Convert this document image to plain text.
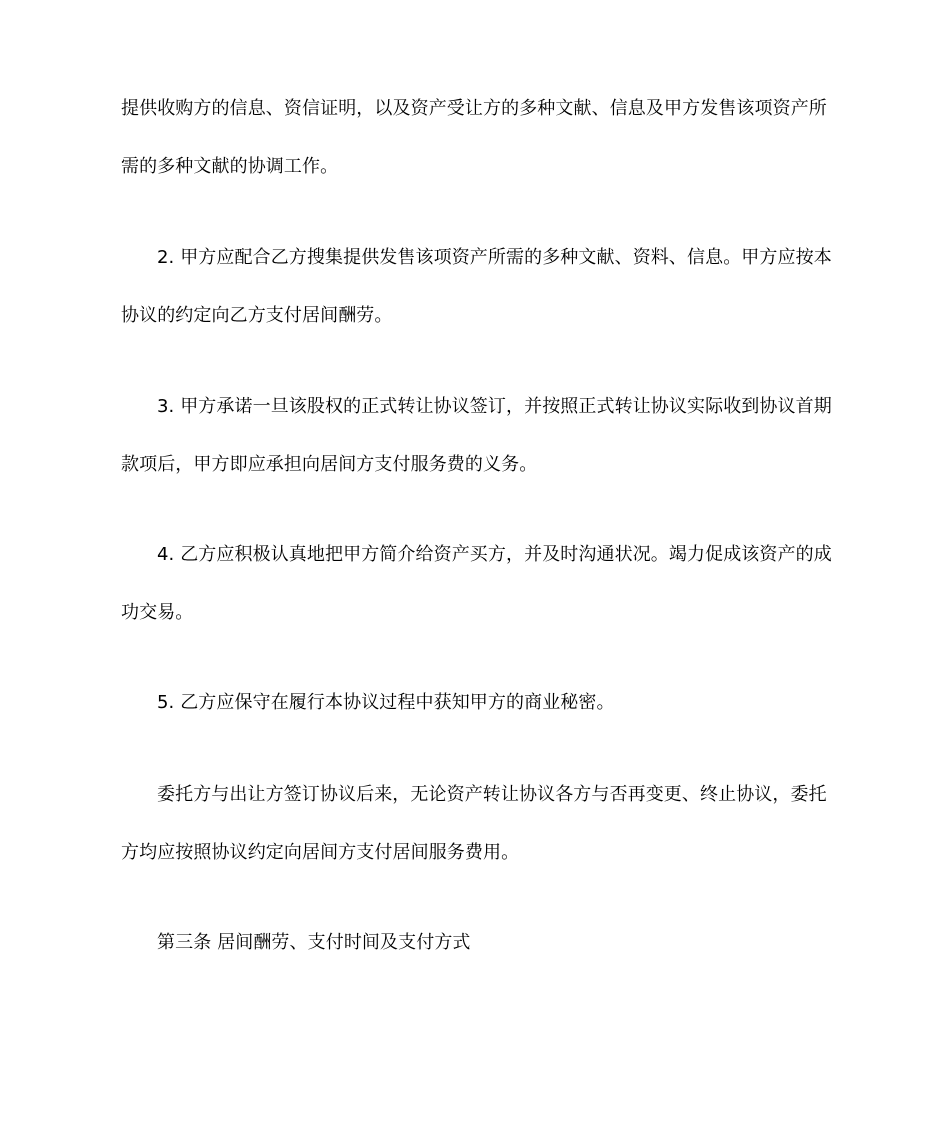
提供收购方的信息、资信证明，以及资产受让方的多种文献、信息及甲方发售该项资产所
需的多种文献的协调工作。
2. 甲方应配合乙方搜集提供发售该项资产所需的多种文献、资料、信息。甲方应按本
协议的约定向乙方支付居间酬劳。
3. 甲方承诺一旦该股权的正式转让协议签订，并按照正式转让协议实际收到协议首期
款项后，甲方即应承担向居间方支付服务费的义务。
4. 乙方应积极认真地把甲方简介给资产买方，并及时沟通状况。竭力促成该资产的成
功交易。
5. 乙方应保守在履行本协议过程中获知甲方的商业秘密。
委托方与出让方签订协议后来，无论资产转让协议各方与否再变更、终止协议，委托
方均应按照协议约定向居间方支付居间服务费用。
第三条 居间酬劳、支付时间及支付方式
